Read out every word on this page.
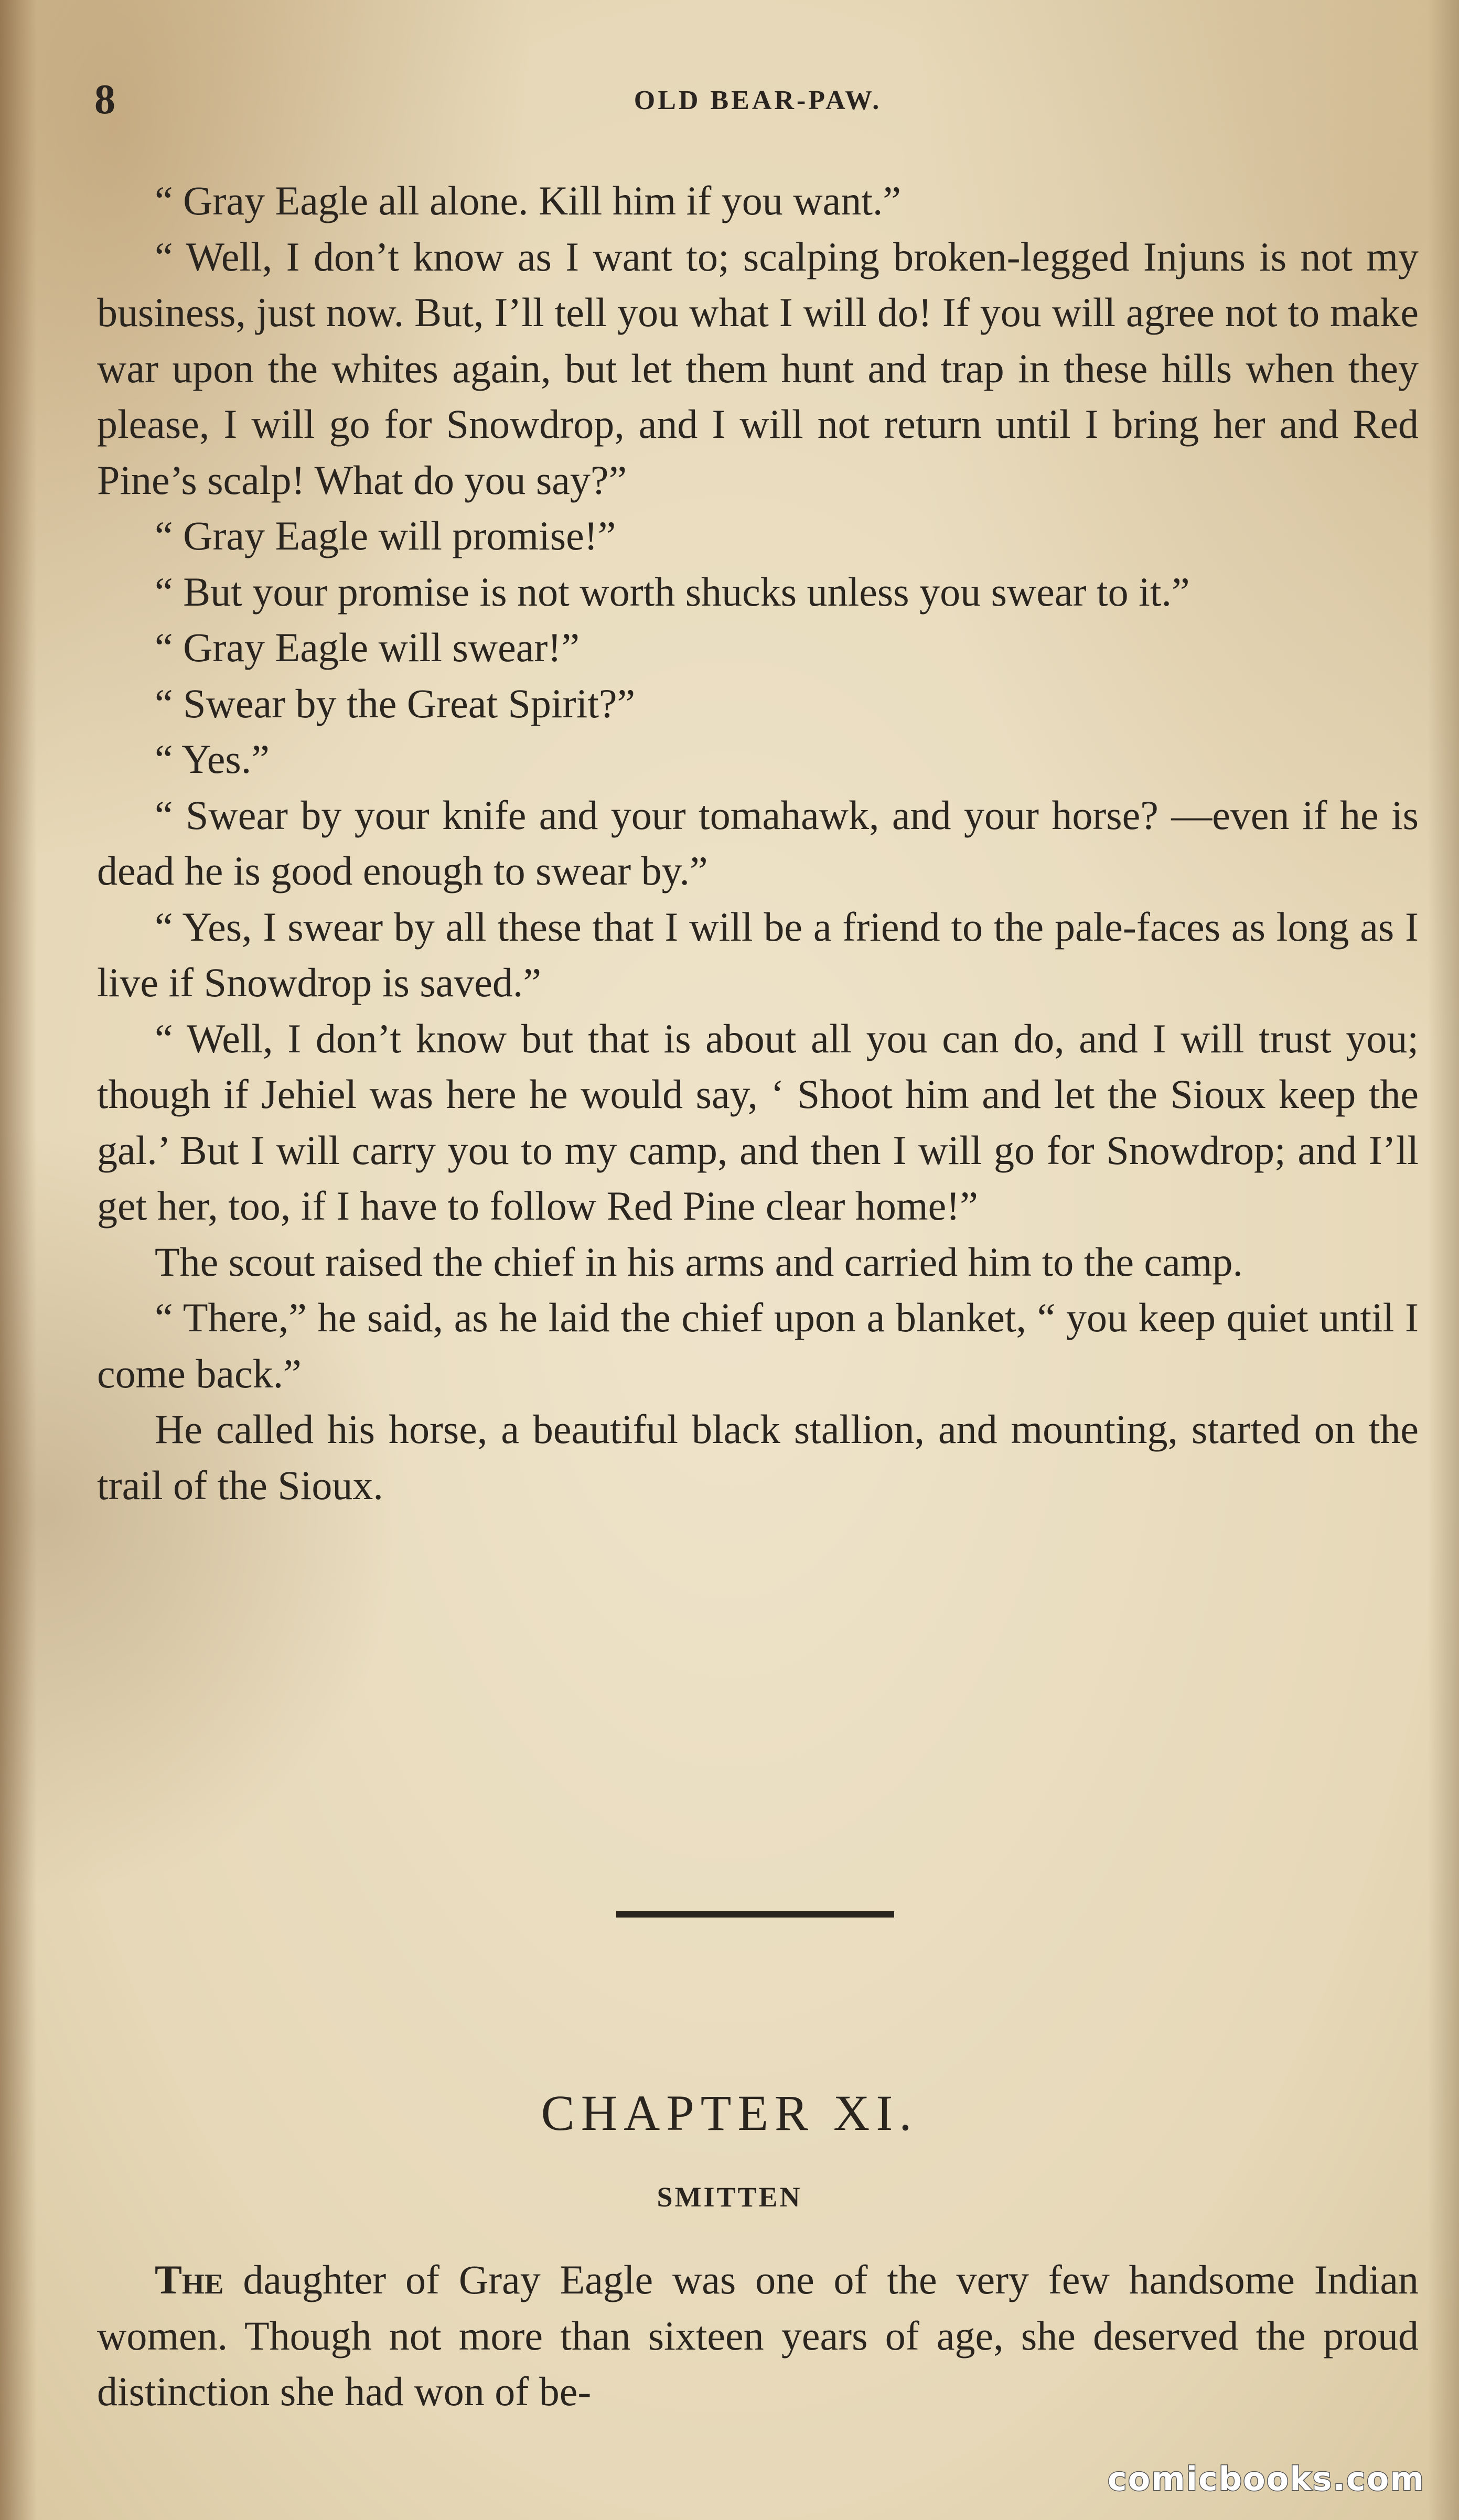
8	OLD BEAR-PAW.

“ Gray Eagle all alone. Kill him if you want.”

“ Well, I don’t know as I want to; scalping broken-legged Injuns is not my business, just now. But, I’ll tell you what I will do! If you will agree not to make war upon the whites again, but let them hunt and trap in these hills when they please, I will go for Snowdrop, and I will not return until I bring her and Red Pine’s scalp! What do you say?”

“ Gray Eagle will promise!”

“ But your promise is not worth shucks unless you swear to it.”

“ Gray Eagle will swear!”

“ Swear by the Great Spirit?”

“ Yes.”

“ Swear by your knife and your tomahawk, and your horse? —even if he is dead he is good enough to swear by.”

“ Yes, I swear by all these that I will be a friend to the pale-faces as long as I live if Snowdrop is saved.”

“ Well, I don’t know but that is about all you can do, and I will trust you; though if Jehiel was here he would say, ‘ Shoot him and let the Sioux keep the gal.’ But I will carry you to my camp, and then I will go for Snowdrop; and I’ll get her, too, if I have to follow Red Pine clear home!”

The scout raised the chief in his arms and carried him to the camp.

“ There,” he said, as he laid the chief upon a blanket, “ you keep quiet until I come back.”

He called his horse, a beautiful black stallion, and mounting, started on the trail of the Sioux.

CHAPTER XI.
SMITTEN

The daughter of Gray Eagle was one of the very few handsome Indian women. Though not more than sixteen years of age, she deserved the proud distinction she had won of be-

comicbooks.com
